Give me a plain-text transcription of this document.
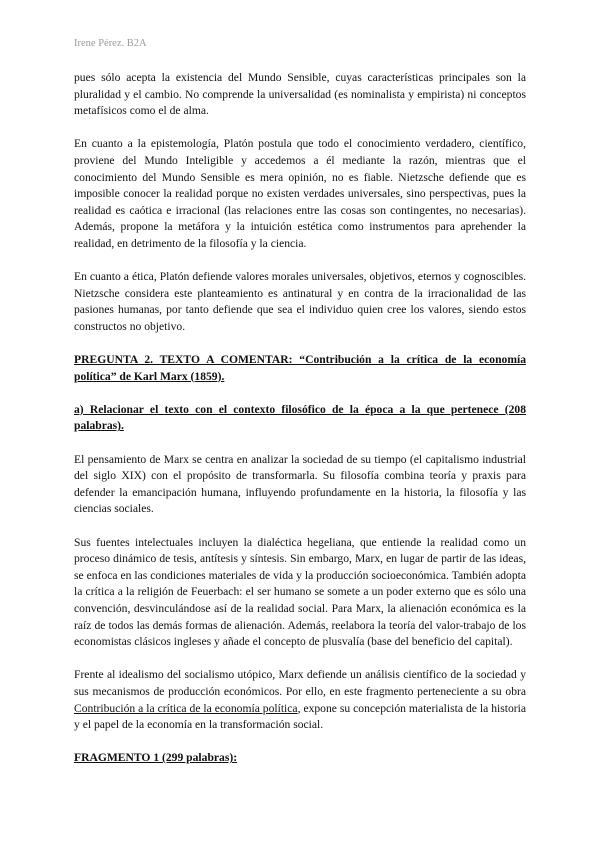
Irene Pérez. B2A

pues sólo acepta la existencia del Mundo Sensible, cuyas características principales son la pluralidad y el cambio. No comprende la universalidad (es nominalista y empirista) ni conceptos metafísicos como el de alma.

En cuanto a la epistemología, Platón postula que todo el conocimiento verdadero, científico, proviene del Mundo Inteligible y accedemos a él mediante la razón, mientras que el conocimiento del Mundo Sensible es mera opinión, no es fiable. Nietzsche defiende que es imposible conocer la realidad porque no existen verdades universales, sino perspectivas, pues la realidad es caótica e irracional (las relaciones entre las cosas son contingentes, no necesarias). Además, propone la metáfora y la intuición estética como instrumentos para aprehender la realidad, en detrimento de la filosofía y la ciencia.

En cuanto a ética, Platón defiende valores morales universales, objetivos, eternos y cognoscibles. Nietzsche considera este planteamiento es antinatural y en contra de la irracionalidad de las pasiones humanas, por tanto defiende que sea el individuo quien cree los valores, siendo estos constructos no objetivo.

PREGUNTA 2. TEXTO A COMENTAR: “Contribución a la crítica de la economía política” de Karl Marx (1859).

a) Relacionar el texto con el contexto filosófico de la época a la que pertenece (208 palabras).

El pensamiento de Marx se centra en analizar la sociedad de su tiempo (el capitalismo industrial del siglo XIX) con el propósito de transformarla. Su filosofía combina teoría y praxis para defender la emancipación humana, influyendo profundamente en la historia, la filosofía y las ciencias sociales.

Sus fuentes intelectuales incluyen la dialéctica hegeliana, que entiende la realidad como un proceso dinámico de tesis, antítesis y síntesis. Sin embargo, Marx, en lugar de partir de las ideas, se enfoca en las condiciones materiales de vida y la producción socioeconómica. También adopta la crítica a la religión de Feuerbach: el ser humano se somete a un poder externo que es sólo una convención, desvinculándose así de la realidad social. Para Marx, la alienación económica es la raíz de todos las demás formas de alienación. Además, reelabora la teoría del valor-trabajo de los economistas clásicos ingleses y añade el concepto de plusvalía (base del beneficio del capital).

Frente al idealismo del socialismo utópico, Marx defiende un análisis científico de la sociedad y sus mecanismos de producción económicos. Por ello, en este fragmento perteneciente a su obra Contribución a la crítica de la economía política, expone su concepción materialista de la historia y el papel de la economía en la transformación social.

FRAGMENTO 1 (299 palabras):
